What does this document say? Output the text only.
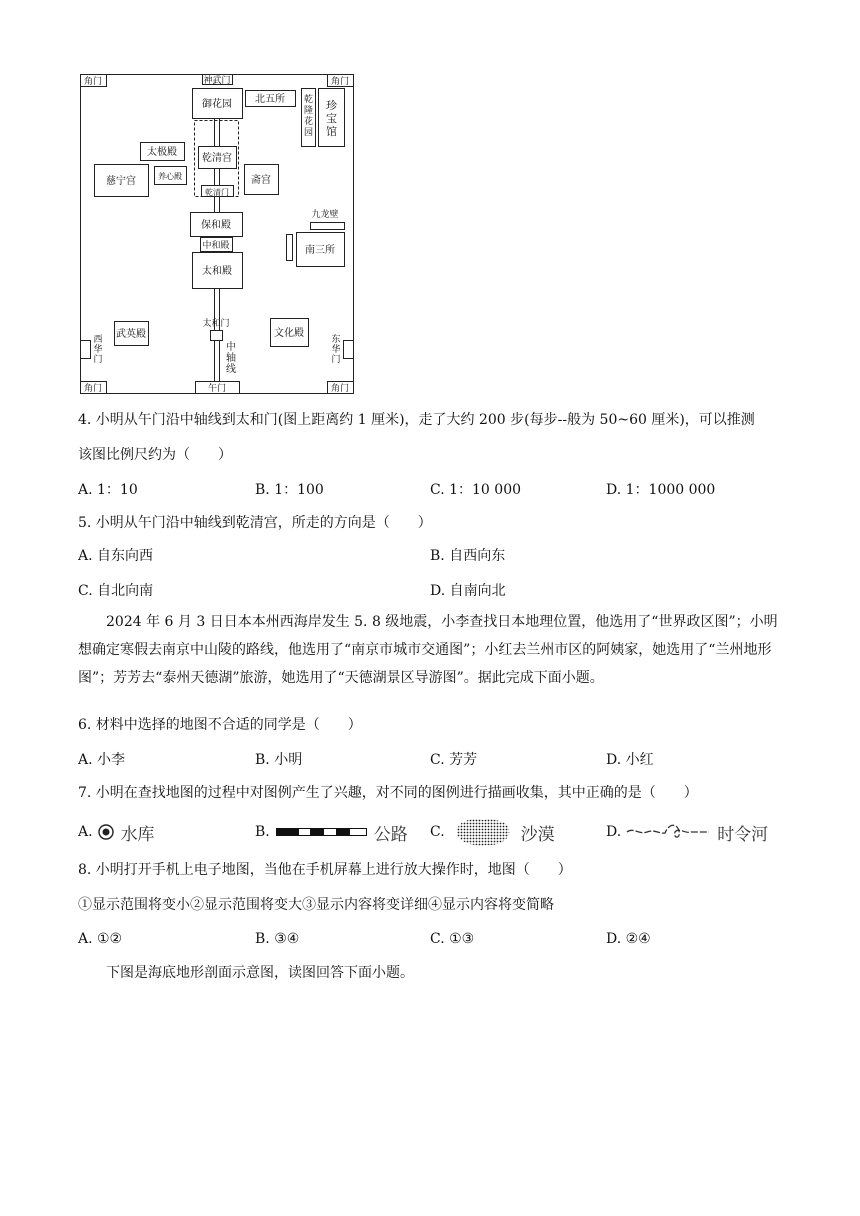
角门	角门
角门	角门
神武门
午门
御花园 北五所
乾清宫
乾清门
太极殿
养心殿
慈宁宫	斋宫
九龙壁
保和殿
中和殿
太和殿
南三所
太和门
武英殿	文化殿
乾隆花园
珍宝馆
西华门
东华门
中轴线
4. 小明从午门沿中轴线到太和门(图上距离约 1 厘米)，走了大约 200 步(每步--般为 50~60 厘米)，可以推测
该图比例尺约为（　　）
A. 1：10	B. 1：100	C. 1：10 000	D. 1：1000 000
5. 小明从午门沿中轴线到乾清宫，所走的方向是（　　）
A. 自东向西	B. 自西向东
C. 自北向南	D. 自南向北
2024 年 6 月 3 日日本本州西海岸发生 5. 8 级地震，小李查找日本地理位置，他选用了“世界政区图”；小明想确定寒假去南京中山陵的路线，他选用了“南京市城市交通图”；小红去兰州市区的阿姨家，她选用了“兰州地形图”；芳芳去“泰州天德湖”旅游，她选用了“天德湖景区导游图”。据此完成下面小题。
6. 材料中选择的地图不合适的同学是（　　）
A. 小李	B. 小明	C. 芳芳	D. 小红
7. 小明在查找地图的过程中对图例产生了兴趣，对不同的图例进行描画收集，其中正确的是（　　）
A. 水库	B.	公路 C.	沙漠	D.	时令河
8. 小明打开手机上电子地图，当他在手机屏幕上进行放大操作时，地图（　　）
①显示范围将变小②显示范围将变大③显示内容将变详细④显示内容将变简略
A. ①②	B. ③④	C. ①③	D. ②④
下图是海底地形剖面示意图，读图回答下面小题。
